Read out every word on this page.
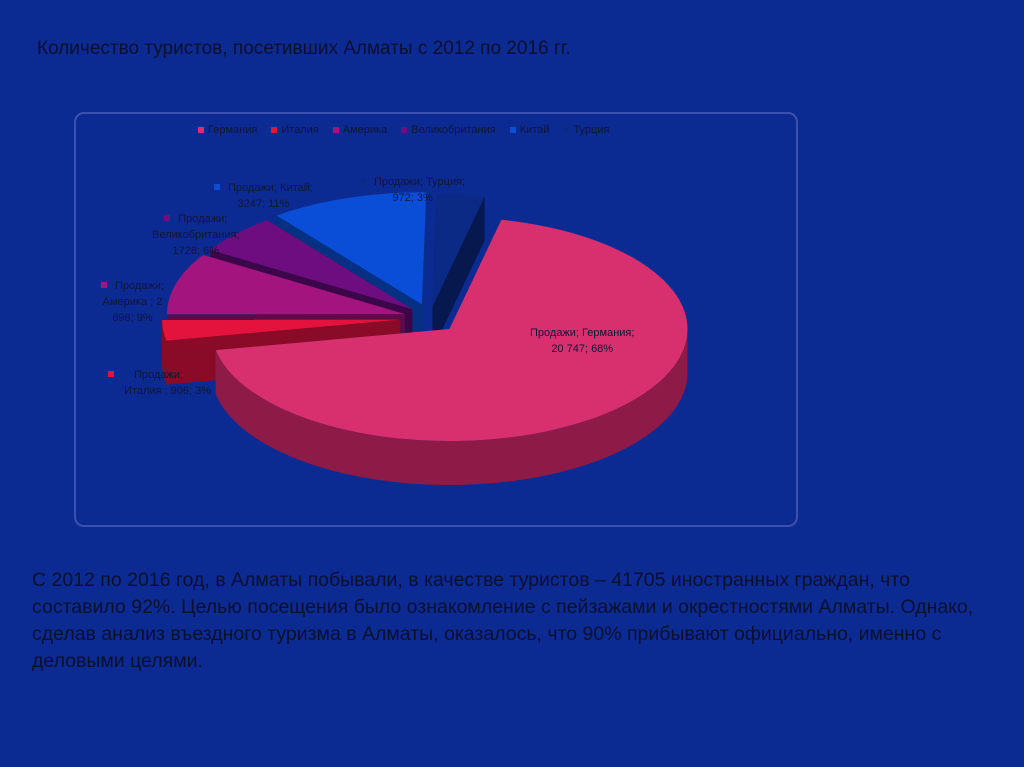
Количество туристов, посетивших Алматы с 2012 по 2016 гг.
Германия Италия Америка Великобритания Китай Турция
Продажи; Германия;
20 747; 68%
Продажи;
Италия ; 906; 3%
Продажи;
Америка ; 2
696; 9%
Продажи;
Великобритания;
1728; 6%
Продажи; Китай;
3247; 11%
Продажи; Турция;
972; 3%
С 2012 по 2016 год, в Алматы побывали, в качестве туристов – 41705 иностранных граждан, что составило 92%. Целью посещения было ознакомление с пейзажами и окрестностями Алматы. Однако, сделав анализ въездного туризма в Алматы, оказалось, что 90% прибывают официально, именно с деловыми целями.
